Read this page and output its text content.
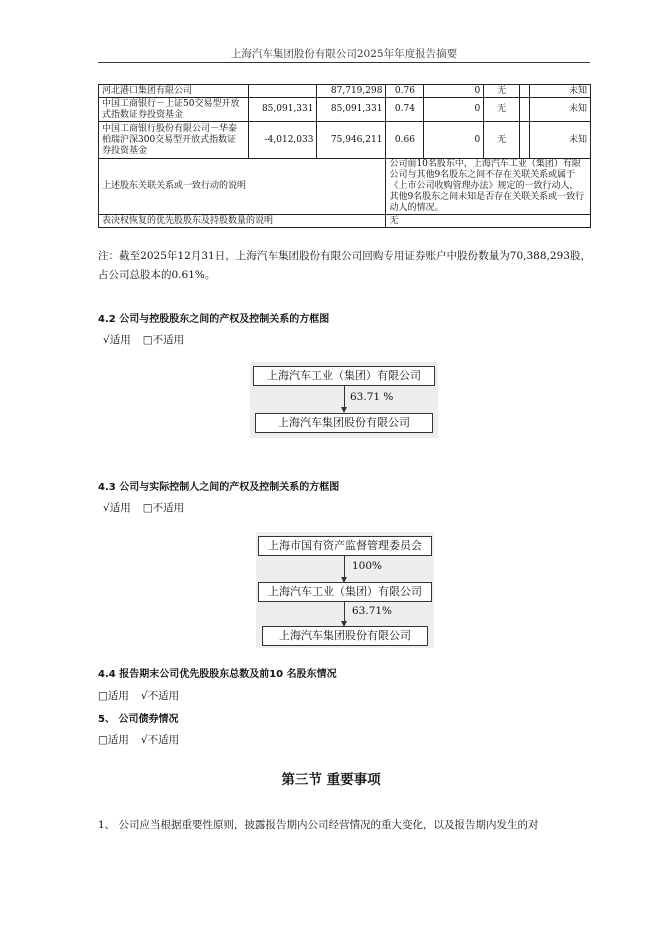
上海汽车集团股份有限公司2025年年度报告摘要
河北港口集团有限公司		87,719,298	0.76	0	无		未知
中国工商银行－上证50交易型开放式指数证券投资基金	85,091,331	85,091,331	0.74	0	无		未知
中国工商银行股份有限公司－华泰柏瑞沪深300交易型开放式指数证券投资基金	-4,012,033	75,946,211	0.66	0	无		未知
上述股东关联关系或一致行动的说明			公司前10名股东中，上海汽车工业（集团）有限公司与其他9名股东之间不存在关联关系或属于《上市公司收购管理办法》规定的一致行动人，其他9名股东之间未知是否存在关联关系或一致行动人的情况。				
表决权恢复的优先股股东及持股数量的说明			无				
注：截至2025年12月31日，上海汽车集团股份有限公司回购专用证券账户中股份数量为70,388,293股，占公司总股本的0.61%。
4.2 公司与控股股东之间的产权及控制关系的方框图
√适用 □不适用
上海汽车工业（集团）有限公司
63.71 %
上海汽车集团股份有限公司
4.3 公司与实际控制人之间的产权及控制关系的方框图
√适用 □不适用
上海市国有资产监督管理委员会
100%
上海汽车工业（集团）有限公司
63.71%
上海汽车集团股份有限公司
4.4 报告期末公司优先股股东总数及前10 名股东情况
□适用 √不适用
5、 公司债券情况
□适用 √不适用
第三节 重要事项
1、 公司应当根据重要性原则，披露报告期内公司经营情况的重大变化，以及报告期内发生的对
